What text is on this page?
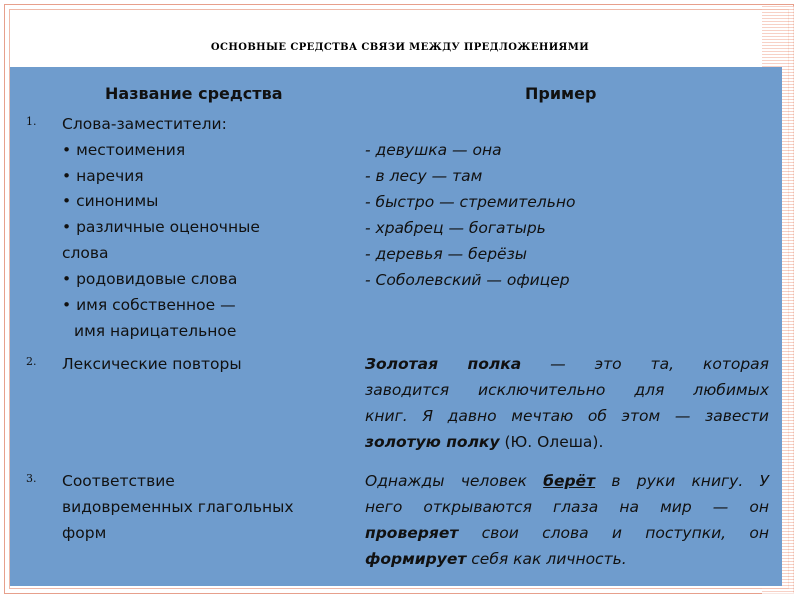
ОСНОВНЫЕ СРЕДСТВА СВЯЗИ МЕЖДУ ПРЕДЛОЖЕНИЯМИ
Название средства	Пример
1. Слова-заместители:
• местоимения
• наречия
• синонимы
• различные оценочные
слова
• родовидовые слова
• имя собственное —
имя нарицательное
- девушка — она
- в лесу — там
- быстро — стремительно
- храбрец — богатырь
- деревья — берёзы
- Соболевский — офицер
2. Лексические повторы	Золотая полка — это та, которая
заводится исключительно для любимых
книг. Я давно мечтаю об этом — завести
золотую полку (Ю. Олеша).
3. Соответствие
видовременных глагольных
форм
Однажды человек берёт в руки книгу. У
него открываются глаза на мир — он
проверяет свои слова и поступки, он
формирует себя как личность.
